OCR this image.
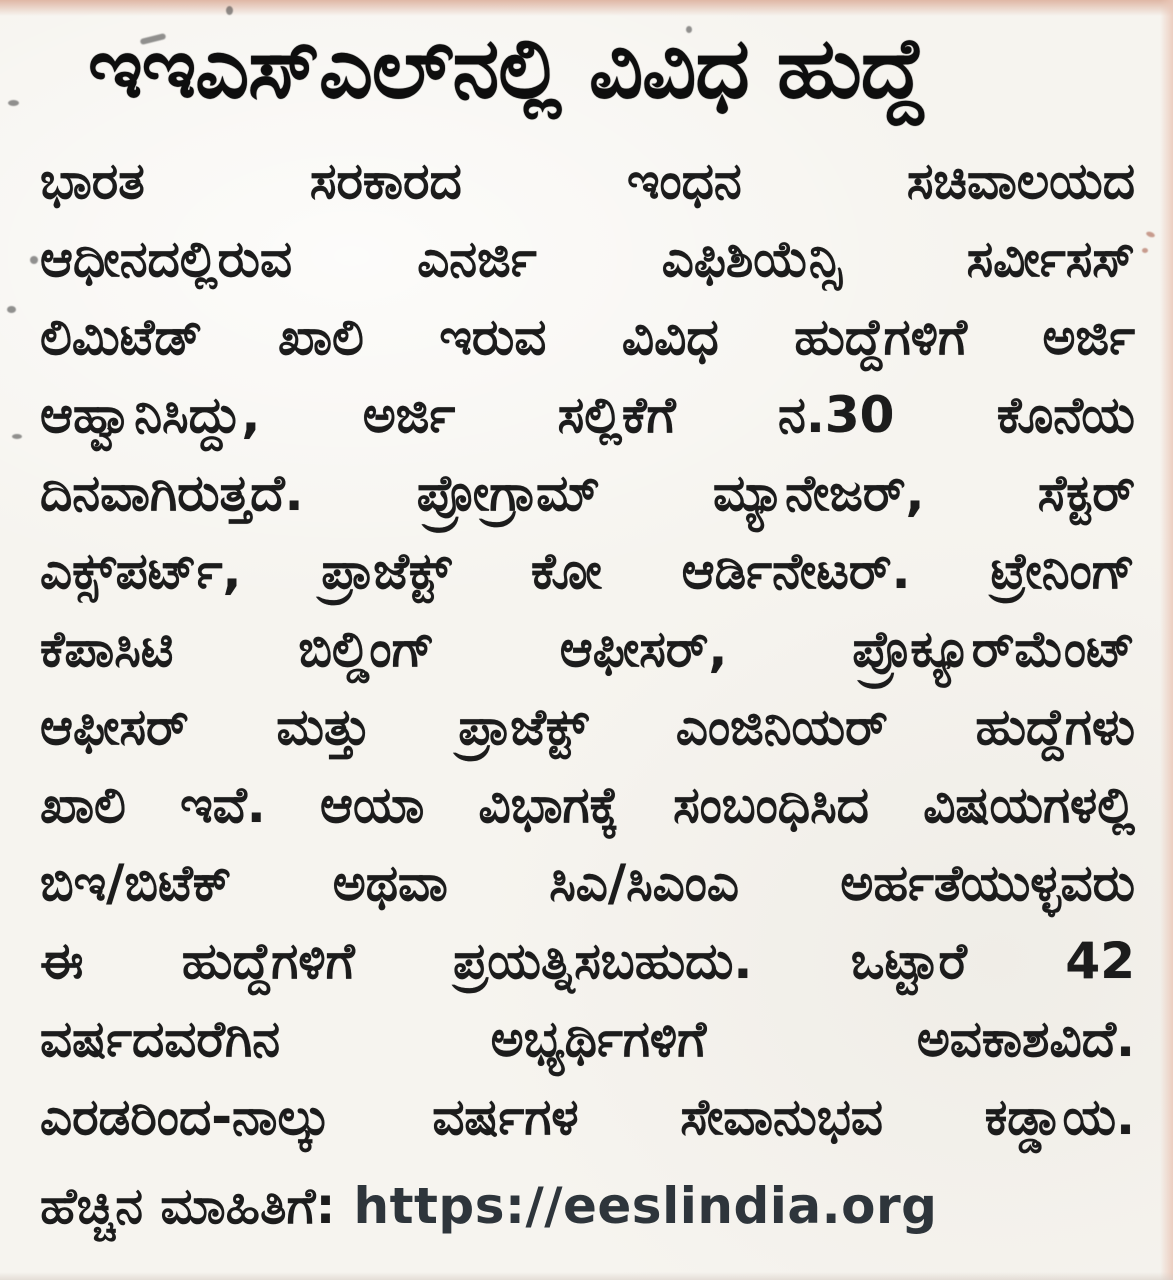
ಇಇಎಸ್‌ಎಲ್‌ನಲ್ಲಿ ವಿವಿಧ ಹುದ್ದೆ
ಭಾರತ ಸರಕಾರದ ಇಂಧನ ಸಚಿವಾಲಯದ
ಆಧೀನದಲ್ಲಿರುವ ಎನರ್ಜಿ ಎಫಿಶಿಯೆನ್ಸಿ ಸರ್ವೀಸಸ್
ಲಿಮಿಟೆಡ್ ಖಾಲಿ ಇರುವ ವಿವಿಧ ಹುದ್ದೆಗಳಿಗೆ ಅರ್ಜಿ
ಆಹ್ವಾನಿಸಿದ್ದು, ಅರ್ಜಿ ಸಲ್ಲಿಕೆಗೆ ನ.30 ಕೊನೆಯ
ದಿನವಾಗಿರುತ್ತದೆ. ಪ್ರೋಗ್ರಾಮ್ ಮ್ಯಾನೇಜರ್, ಸೆಕ್ಟರ್
ಎಕ್ಸ್‌ಪರ್ಟ್, ಪ್ರಾಜೆಕ್ಟ್ ಕೋ ಆರ್ಡಿನೇಟರ್. ಟ್ರೇನಿಂಗ್
ಕೆಪಾಸಿಟಿ ಬಿಲ್ಡಿಂಗ್ ಆಫೀಸರ್, ಪ್ರೊಕ್ಯೂರ್‌ಮೆಂಟ್
ಆಫೀಸರ್ ಮತ್ತು ಪ್ರಾಜೆಕ್ಟ್ ಎಂಜಿನಿಯರ್ ಹುದ್ದೆಗಳು
ಖಾಲಿ ಇವೆ. ಆಯಾ ವಿಭಾಗಕ್ಕೆ ಸಂಬಂಧಿಸಿದ ವಿಷಯಗಳಲ್ಲಿ
ಬಿಇ/ಬಿಟೆಕ್ ಅಥವಾ ಸಿಎ/ಸಿಎಂಎ ಅರ್ಹತೆಯುಳ್ಳವರು
ಈ ಹುದ್ದೆಗಳಿಗೆ ಪ್ರಯತ್ನಿಸಬಹುದು. ಒಟ್ಟಾರೆ 42
ವರ್ಷದವರೆಗಿನ ಅಭ್ಯರ್ಥಿಗಳಿಗೆ ಅವಕಾಶವಿದೆ.
ಎರಡರಿಂದ-ನಾಲ್ಕು ವರ್ಷಗಳ ಸೇವಾನುಭವ ಕಡ್ಡಾಯ.
ಹೆಚ್ಚಿನ ಮಾಹಿತಿಗೆ: https://eeslindia.org
